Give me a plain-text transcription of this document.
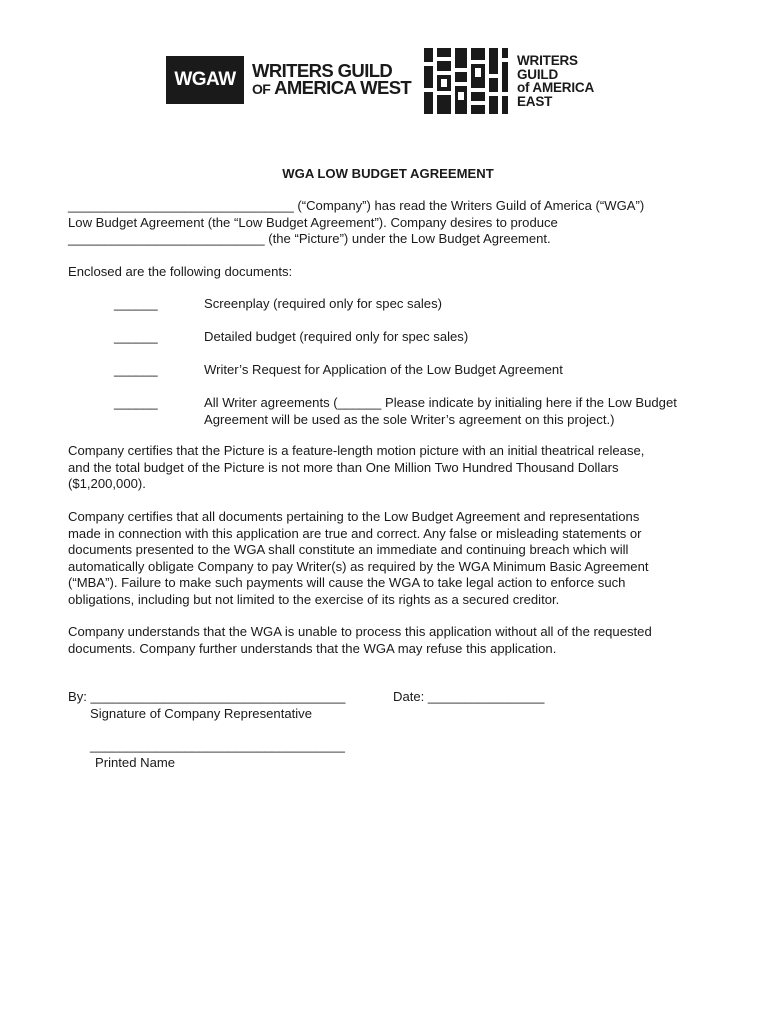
WGAW WRITERS GUILD
OF AMERICA WEST
WRITERS
GUILD
of AMERICA
EAST
WGA LOW BUDGET AGREEMENT
_______________________________ (“Company”) has read the Writers Guild of America (“WGA”)
Low Budget Agreement (the “Low Budget Agreement”). Company desires to produce
___________________________ (the “Picture”) under the Low Budget Agreement.
Enclosed are the following documents:
______	Screenplay (required only for spec sales)
______	Detailed budget (required only for spec sales)
______	Writer’s Request for Application of the Low Budget Agreement
______	All Writer agreements (______ Please indicate by initialing here if the Low Budget Agreement will be used as the sole Writer’s agreement on this project.)
Company certifies that the Picture is a feature-length motion picture with an initial theatrical release,
and the total budget of the Picture is not more than One Million Two Hundred Thousand Dollars
($1,200,000).
Company certifies that all documents pertaining to the Low Budget Agreement and representations
made in connection with this application are true and correct. Any false or misleading statements or
documents presented to the WGA shall constitute an immediate and continuing breach which will
automatically obligate Company to pay Writer(s) as required by the WGA Minimum Basic Agreement
(“MBA”). Failure to make such payments will cause the WGA to take legal action to enforce such
obligations, including but not limited to the exercise of its rights as a secured creditor.
Company understands that the WGA is unable to process this application without all of the requested
documents. Company further understands that the WGA may refuse this application.
By: ___________________________________	Date: ________________
Signature of Company Representative
___________________________________
Printed Name
